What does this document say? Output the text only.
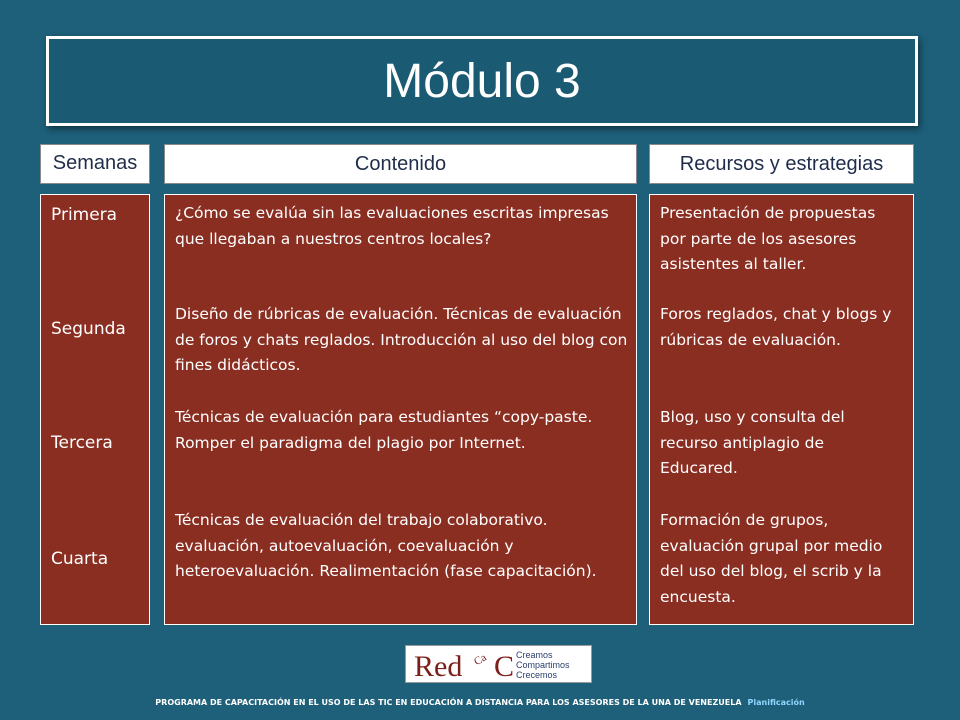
Módulo 3
Semanas	Contenido	Recursos y estrategias
Primera
Segunda
Tercera
Cuarta
¿Cómo se evalúa sin las evaluaciones escritas impresas que llegaban a nuestros centros locales?
Diseño de rúbricas de evaluación. Técnicas de evaluación de foros y chats reglados. Introducción al uso del blog con fines didácticos.
Técnicas de evaluación para estudiantes “copy-paste. Romper el paradigma del plagio por Internet.
Técnicas de evaluación del trabajo colaborativo. evaluación, autoevaluación, coevaluación y heteroevaluación. Realimentación (fase capacitación).
Presentación de propuestas por parte de los asesores asistentes al taller.
Foros reglados, chat y blogs y rúbricas de evaluación.
Blog, uso y consulta del recurso antiplagio de Educared.
Formación de grupos, evaluación grupal por medio del uso del blog, el scrib y la encuesta.
Red Ca C Creamos
Compartimos
Crecemos
PROGRAMA DE CAPACITACIÓN EN EL USO DE LAS TIC EN EDUCACIÓN A DISTANCIA PARA LOS ASESORES DE LA UNA DE VENEZUELA Planificación
